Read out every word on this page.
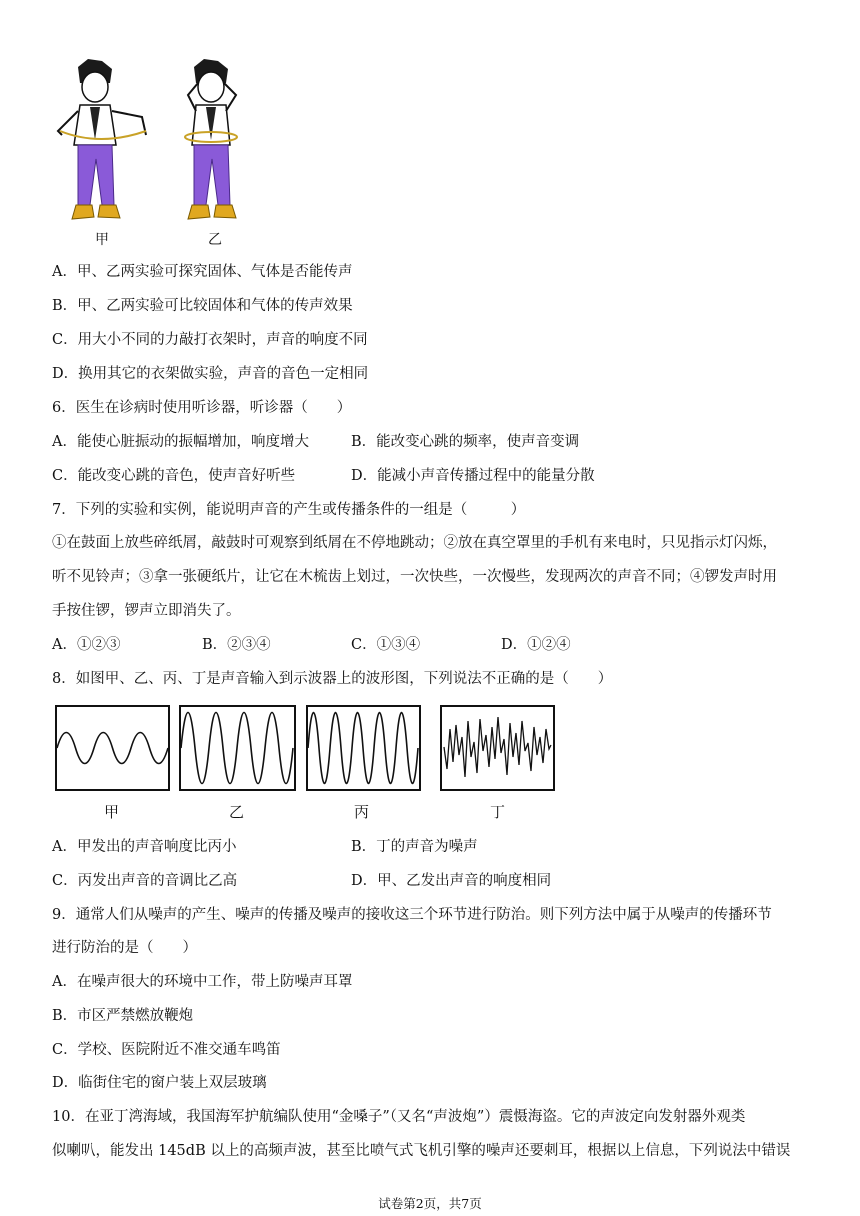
甲	乙
A．甲、乙两实验可探究固体、气体是否能传声
B．甲、乙两实验可比较固体和气体的传声效果
C．用大小不同的力敲打衣架时，声音的响度不同
D．换用其它的衣架做实验，声音的音色一定相同
6．医生在诊病时使用听诊器，听诊器（　　）
A．能使心脏振动的振幅增加，响度增大	B．能改变心跳的频率，使声音变调
C．能改变心跳的音色，使声音好听些	D．能减小声音传播过程中的能量分散
7．下列的实验和实例，能说明声音的产生或传播条件的一组是（　　　）
①在鼓面上放些碎纸屑，敲鼓时可观察到纸屑在不停地跳动；②放在真空罩里的手机有来电时，只见指示灯闪烁，
听不见铃声；③拿一张硬纸片，让它在木梳齿上划过，一次快些，一次慢些，发现两次的声音不同；④锣发声时用
手按住锣，锣声立即消失了。
A．①②③	B．②③④	C．①③④	D．①②④
8．如图甲、乙、丙、丁是声音输入到示波器上的波形图，下列说法不正确的是（　　）
甲	乙	丙	丁
A．甲发出的声音响度比丙小	B．丁的声音为噪声
C．丙发出声音的音调比乙高	D．甲、乙发出声音的响度相同
9．通常人们从噪声的产生、噪声的传播及噪声的接收这三个环节进行防治。则下列方法中属于从噪声的传播环节
进行防治的是（　　）
A．在噪声很大的环境中工作，带上防噪声耳罩
B．市区严禁燃放鞭炮
C．学校、医院附近不准交通车鸣笛
D．临街住宅的窗户装上双层玻璃
10．在亚丁湾海域，我国海军护航编队使用“金嗓子”（又名“声波炮”）震慑海盗。它的声波定向发射器外观类
似喇叭，能发出 145dB 以上的高频声波，甚至比喷气式飞机引擎的噪声还要刺耳，根据以上信息，下列说法中错误
试卷第2页，共7页
